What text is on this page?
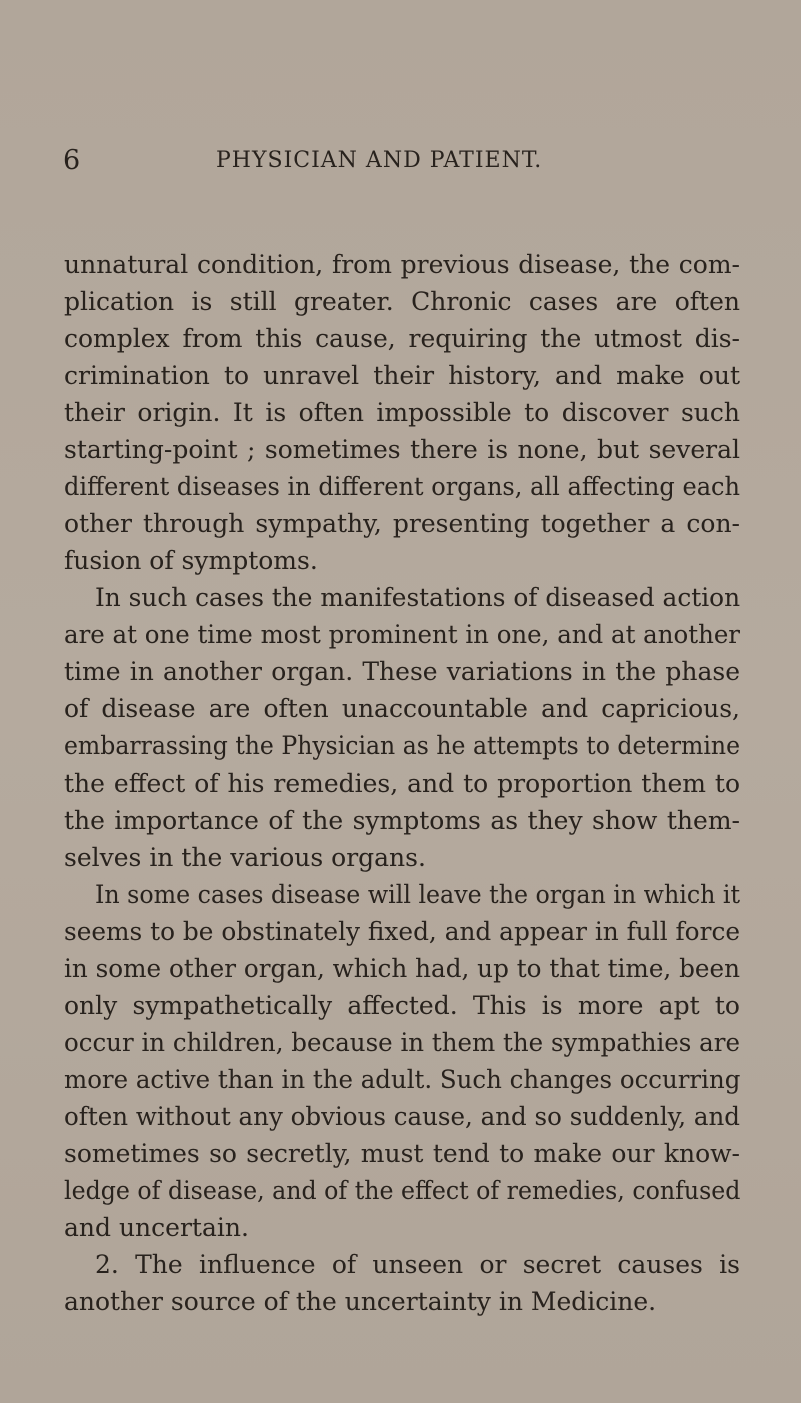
6	PHYSICIAN AND PATIENT.
unnatural condition, from previous disease, the com-
plication is still greater. Chronic cases are often
complex from this cause, requiring the utmost dis-
crimination to unravel their history, and make out
their origin. It is often impossible to discover such
starting-point ; sometimes there is none, but several
different diseases in different organs, all affecting each
other through sympathy, presenting together a con-
fusion of symptoms.
In such cases the manifestations of diseased action
are at one time most prominent in one, and at another
time in another organ. These variations in the phase
of disease are often unaccountable and capricious,
embarrassing the Physician as he attempts to determine
the effect of his remedies, and to proportion them to
the importance of the symptoms as they show them-
selves in the various organs.
In some cases disease will leave the organ in which it
seems to be obstinately fixed, and appear in full force
in some other organ, which had, up to that time, been
only sympathetically affected. This is more apt to
occur in children, because in them the sympathies are
more active than in the adult. Such changes occurring
often without any obvious cause, and so suddenly, and
sometimes so secretly, must tend to make our know-
ledge of disease, and of the effect of remedies, confused
and uncertain.
2. The influence of unseen or secret causes is
another source of the uncertainty in Medicine.
